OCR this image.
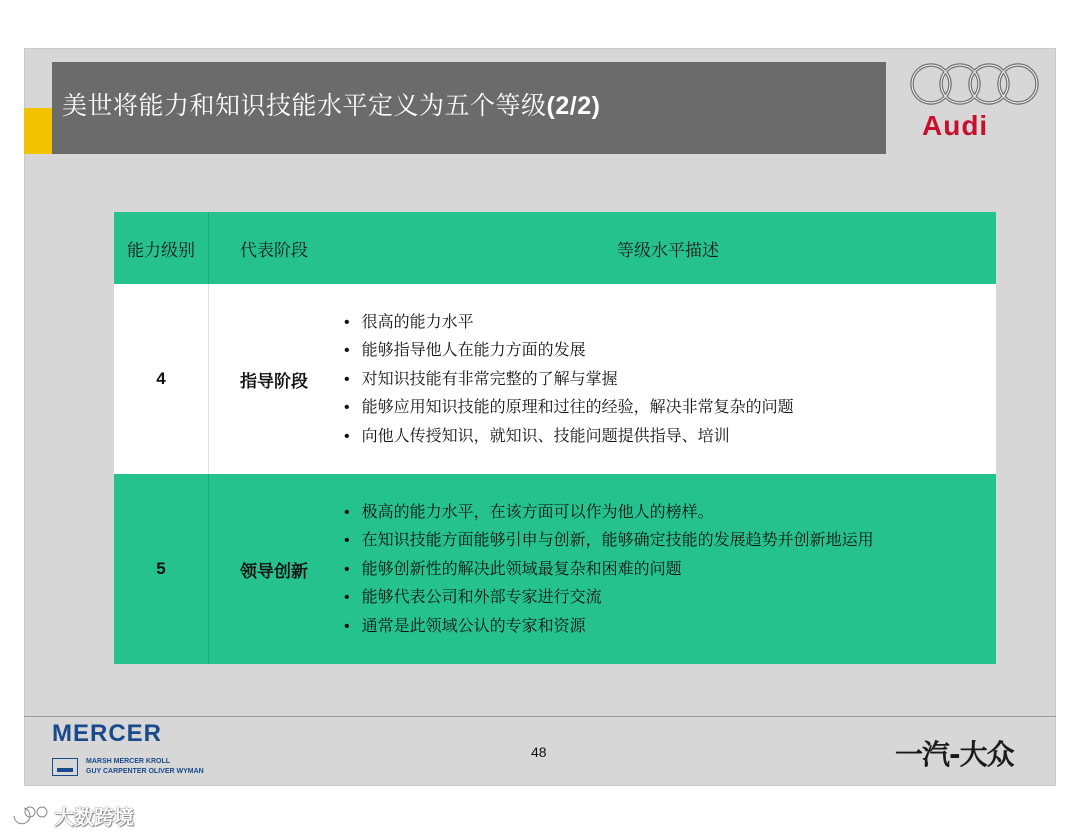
美世将能力和知识技能水平定义为五个等级(2/2)
Audi
能力级别	代表阶段	等级水平描述
4	指导阶段
• 很高的能力水平
• 能够指导他人在能力方面的发展
• 对知识技能有非常完整的了解与掌握
• 能够应用知识技能的原理和过往的经验，解决非常复杂的问题
• 向他人传授知识，就知识、技能问题提供指导、培训
5	领导创新
• 极高的能力水平，在该方面可以作为他人的榜样。
• 在知识技能方面能够引申与创新，能够确定技能的发展趋势并创新地运用
• 能够创新性的解决此领域最复杂和困难的问题
• 能够代表公司和外部专家进行交流
• 通常是此领域公认的专家和资源
MERCER
MARSH MERCER KROLL
GUY CARPENTER OLIVER WYMAN
48	一汽-大众
大数跨境
